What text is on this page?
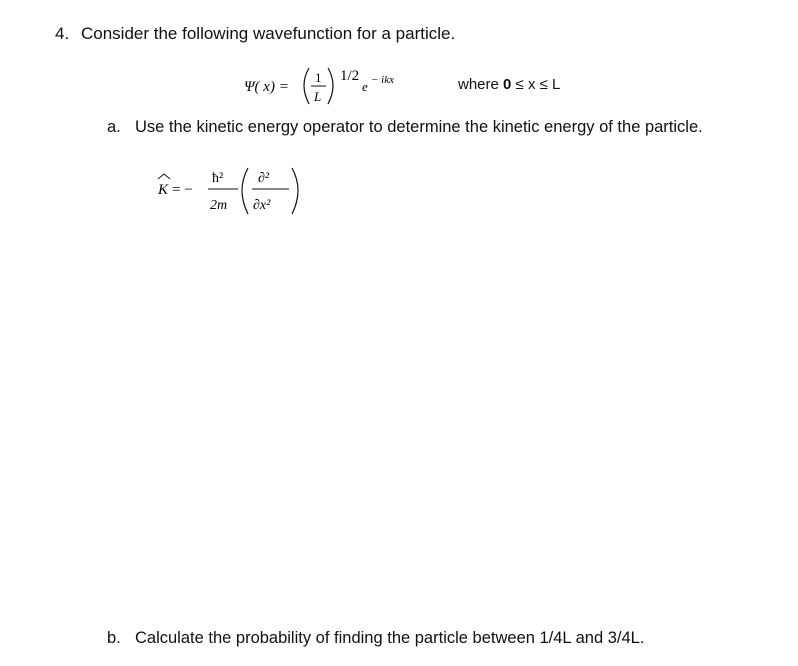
4. Consider the following wavefunction for a particle.
Ψ( x) =
1
L
1/2
e − ikx	where 0 ≤ x ≤ L
a. Use the kinetic energy operator to determine the kinetic energy of the particle.
K = −
ħ²
2m
∂²
∂x²
b. Calculate the probability of finding the particle between 1/4L and 3/4L.
